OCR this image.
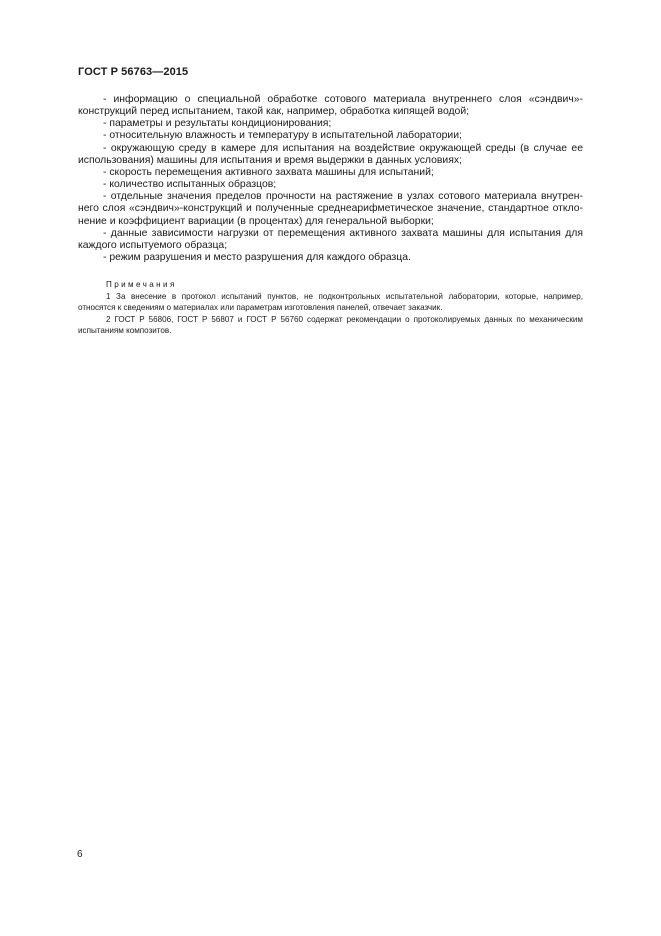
ГОСТ Р 56763—2015

- информацию о специальной обработке сотового материала внутреннего слоя «сэндвич»-конструкций перед испытанием, такой как, например, обработка кипящей водой;

- параметры и результаты кондиционирования;

- относительную влажность и температуру в испытательной лаборатории;

- окружающую среду в камере для испытания на воздействие окружающей среды (в случае ее использования) машины для испытания и время выдержки в данных условиях;

- скорость перемещения активного захвата машины для испытаний;

- количество испытанных образцов;

- отдельные значения пределов прочности на растяжение в узлах сотового материала внутреннего слоя «сэндвич»-конструкций и полученные среднеарифметическое значение, стандартное отклонение и коэффициент вариации (в процентах) для генеральной выборки;

- данные зависимости нагрузки от перемещения активного захвата машины для испытания для каждого испытуемого образца;

- режим разрушения и место разрушения для каждого образца.

Примечания

1 За внесение в протокол испытаний пунктов, не подконтрольных испытательной лаборатории, которые, например, относятся к сведениям о материалах или параметрам изготовления панелей, отвечает заказчик.

2 ГОСТ Р 56806, ГОСТ Р 56807 и ГОСТ Р 56760 содержат рекомендации о протоколируемых данных по механическим испытаниям композитов.

6
